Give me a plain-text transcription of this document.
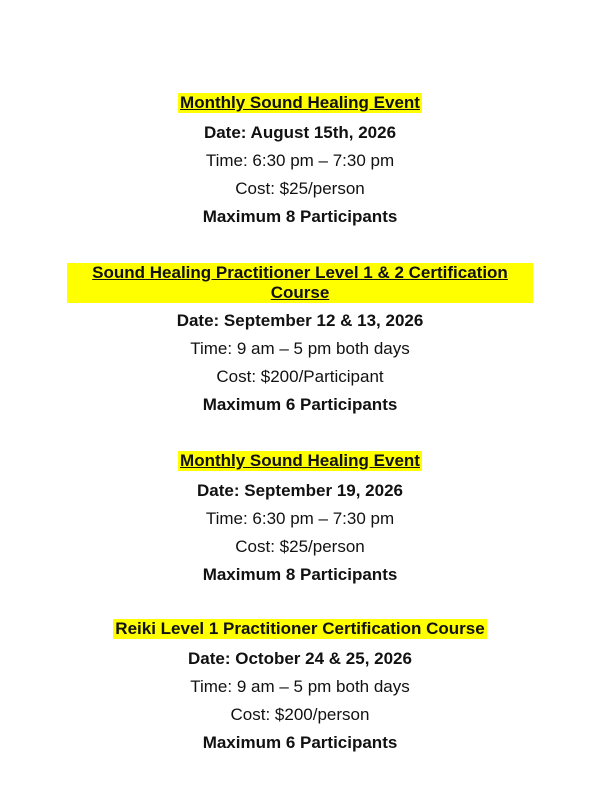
Monthly Sound Healing Event
Date: August 15th, 2026
Time: 6:30 pm – 7:30 pm
Cost: $25/person
Maximum 8 Participants
Sound Healing Practitioner Level 1 & 2 Certification Course
Date: September 12 & 13, 2026
Time: 9 am – 5 pm both days
Cost: $200/Participant
Maximum 6 Participants
Monthly Sound Healing Event
Date: September 19, 2026
Time: 6:30 pm – 7:30 pm
Cost: $25/person
Maximum 8 Participants
Reiki Level 1 Practitioner Certification Course
Date: October 24 & 25, 2026
Time: 9 am – 5 pm both days
Cost: $200/person
Maximum 6 Participants
